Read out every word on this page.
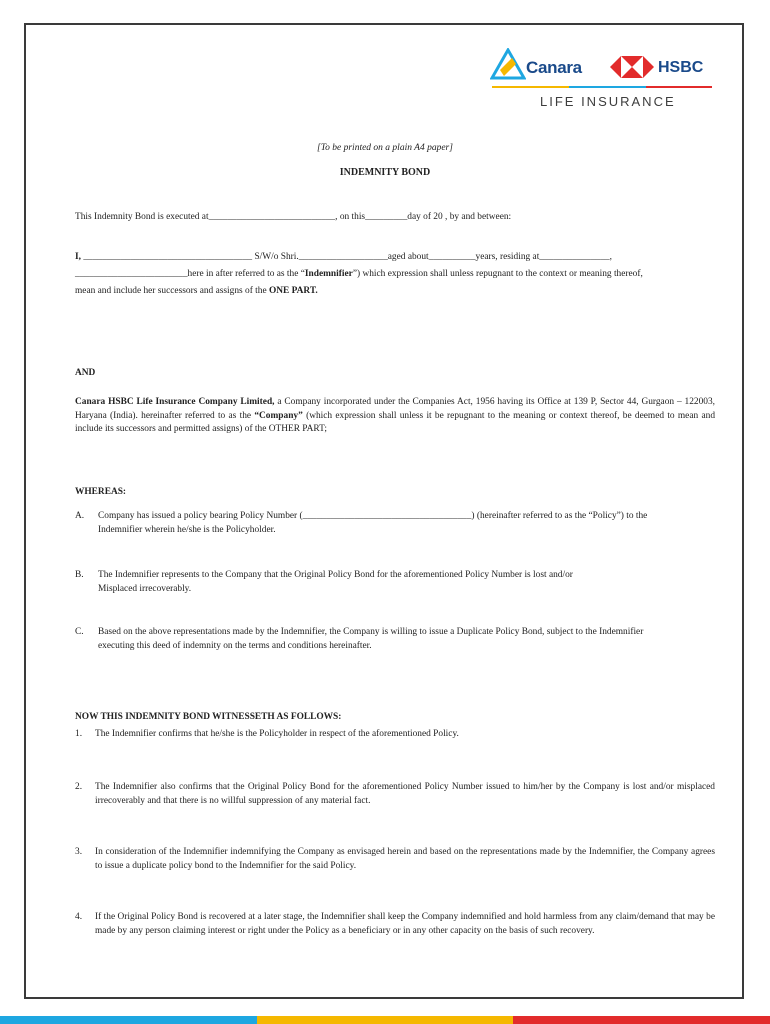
Canara	HSBC
LIFE INSURANCE
[To be printed on a plain A4 paper]
INDEMNITY BOND
This Indemnity Bond is executed at___________________________, on this_________day of 20 , by and between:
I, ____________________________________ S/W/o Shri.___________________aged about__________years, residing at_______________,
________________________here in after referred to as the “Indemnifier”) which expression shall unless repugnant to the context or meaning thereof,
mean and include her successors and assigns of the ONE PART.
AND
Canara HSBC Life Insurance Company Limited, a Company incorporated under the Companies Act, 1956 having its Office at 139 P, Sector 44, Gurgaon – 122003, Haryana (India). hereinafter referred to as the “Company” (which expression shall unless it be repugnant to the meaning or context thereof, be deemed to mean and include its successors and permitted assigns) of the OTHER PART;
WHEREAS:
A. Company has issued a policy bearing Policy Number (____________________________________) (hereinafter referred to as the “Policy”) to the
Indemnifier wherein he/she is the Policyholder.
B. The Indemnifier represents to the Company that the Original Policy Bond for the aforementioned Policy Number is lost and/or
Misplaced irrecoverably.
C. Based on the above representations made by the Indemnifier, the Company is willing to issue a Duplicate Policy Bond, subject to the Indemnifier
executing this deed of indemnity on the terms and conditions hereinafter.
NOW THIS INDEMNITY BOND WITNESSETH AS FOLLOWS:
1. The Indemnifier confirms that he/she is the Policyholder in respect of the aforementioned Policy.
2. The Indemnifier also confirms that the Original Policy Bond for the aforementioned Policy Number issued to him/her by the Company is lost and/or misplaced irrecoverably and that there is no willful suppression of any material fact.
3. In consideration of the Indemnifier indemnifying the Company as envisaged herein and based on the representations made by the Indemnifier, the Company agrees to issue a duplicate policy bond to the Indemnifier for the said Policy.
4. If the Original Policy Bond is recovered at a later stage, the Indemnifier shall keep the Company indemnified and hold harmless from any claim/demand that may be made by any person claiming interest or right under the Policy as a beneficiary or in any other capacity on the basis of such recovery.
